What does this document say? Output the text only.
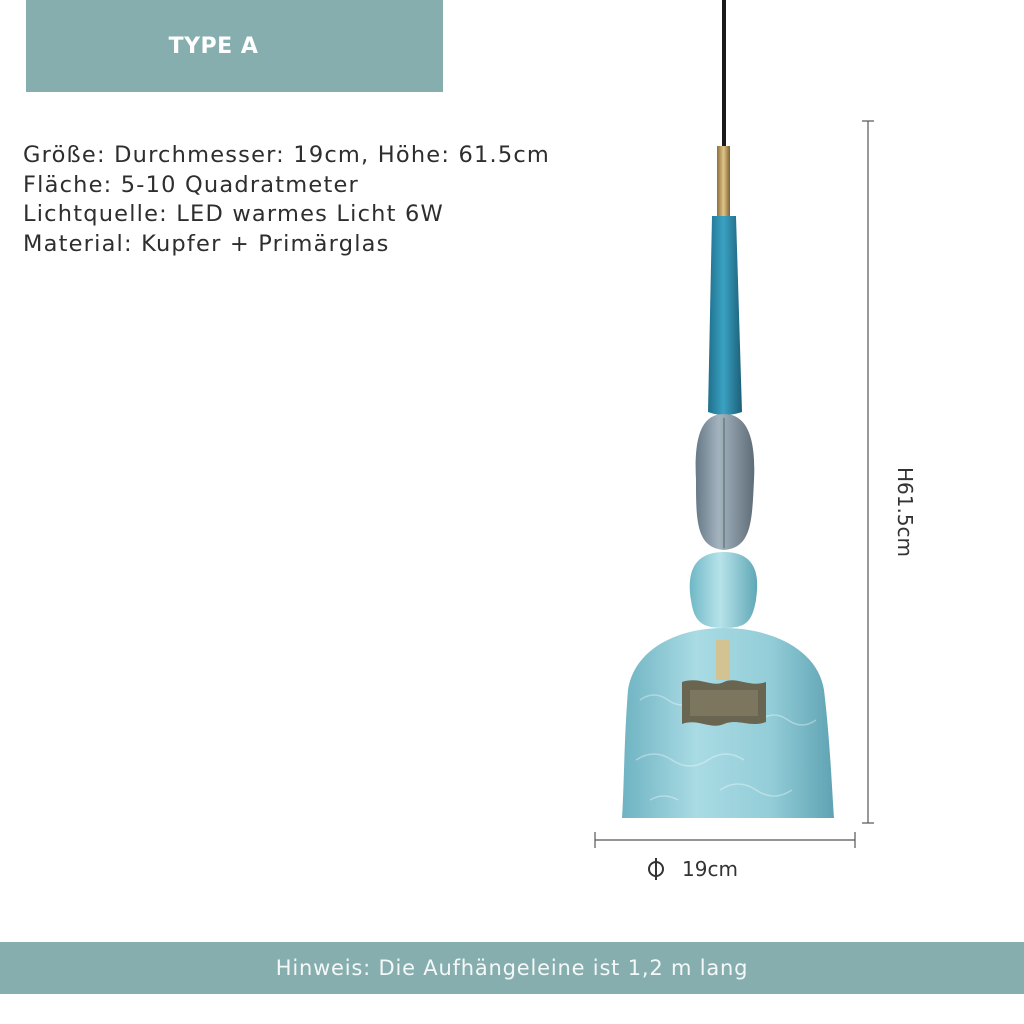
TYPE A
Größe: Durchmesser: 19cm, Höhe: 61.5cm
Fläche: 5-10 Quadratmeter
Lichtquelle: LED warmes Licht 6W
Material: Kupfer + Primärglas
H61.5cm
19cm
Hinweis: Die Aufhängeleine ist 1,2 m lang
